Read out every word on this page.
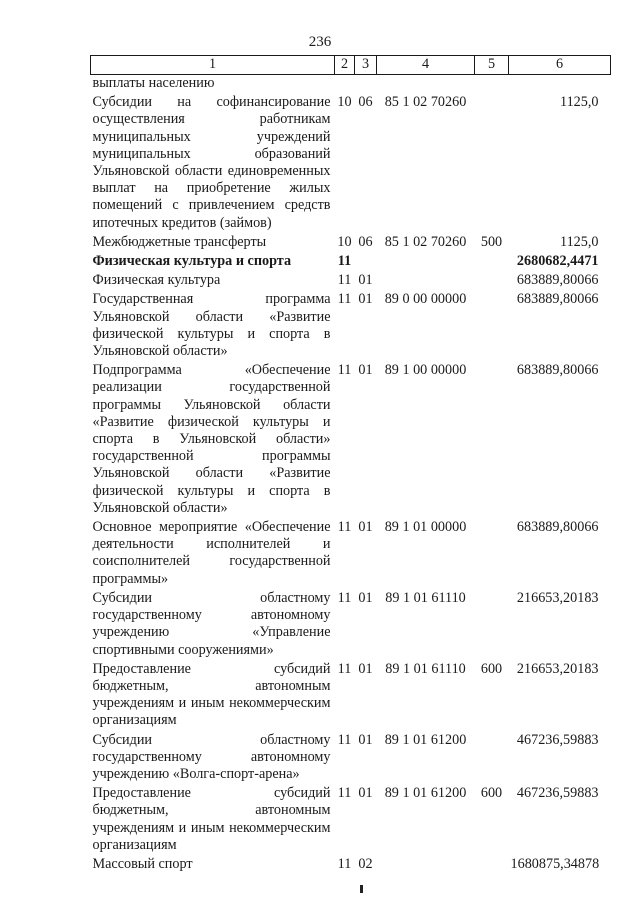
236
1	2	3	4	5	6
выплаты населению					
Субсидии на софинансирование осуществления работникам муниципальных учреждений муниципальных образований Ульяновской области единовременных выплат на приобретение жилых помещений с привлечением средств ипотечных кредитов (займов)	10	06	85 1 02 70260		1125,0
Межбюджетные трансферты	10	06	85 1 02 70260	500	1125,0
Физическая культура и спорта	11				2680682,4471
Физическая культура	11	01			683889,80066
Государственная программа Ульяновской области «Развитие физической культуры и спорта в Ульяновской области»	11	01	89 0 00 00000		683889,80066
Подпрограмма «Обеспечение реализации государственной программы Ульяновской области «Развитие физической культуры и спорта в Ульяновской области» государственной программы Ульяновской области «Развитие физической культуры и спорта в Ульяновской области»	11	01	89 1 00 00000		683889,80066
Основное мероприятие «Обеспечение деятельности исполнителей и соисполнителей государственной программы»	11	01	89 1 01 00000		683889,80066
Субсидии областному государственному автономному учреждению «Управление спортивными сооружениями»	11	01	89 1 01 61110		216653,20183
Предоставление субсидий бюджетным, автономным учреждениям и иным некоммерческим организациям	11	01	89 1 01 61110	600	216653,20183
Субсидии областному государственному автономному учреждению «Волга-спорт-арена»	11	01	89 1 01 61200		467236,59883
Предоставление субсидий бюджетным, автономным учреждениям и иным некоммерческим организациям	11	01	89 1 01 61200	600	467236,59883
Массовый спорт	11	02			1680875,34878
